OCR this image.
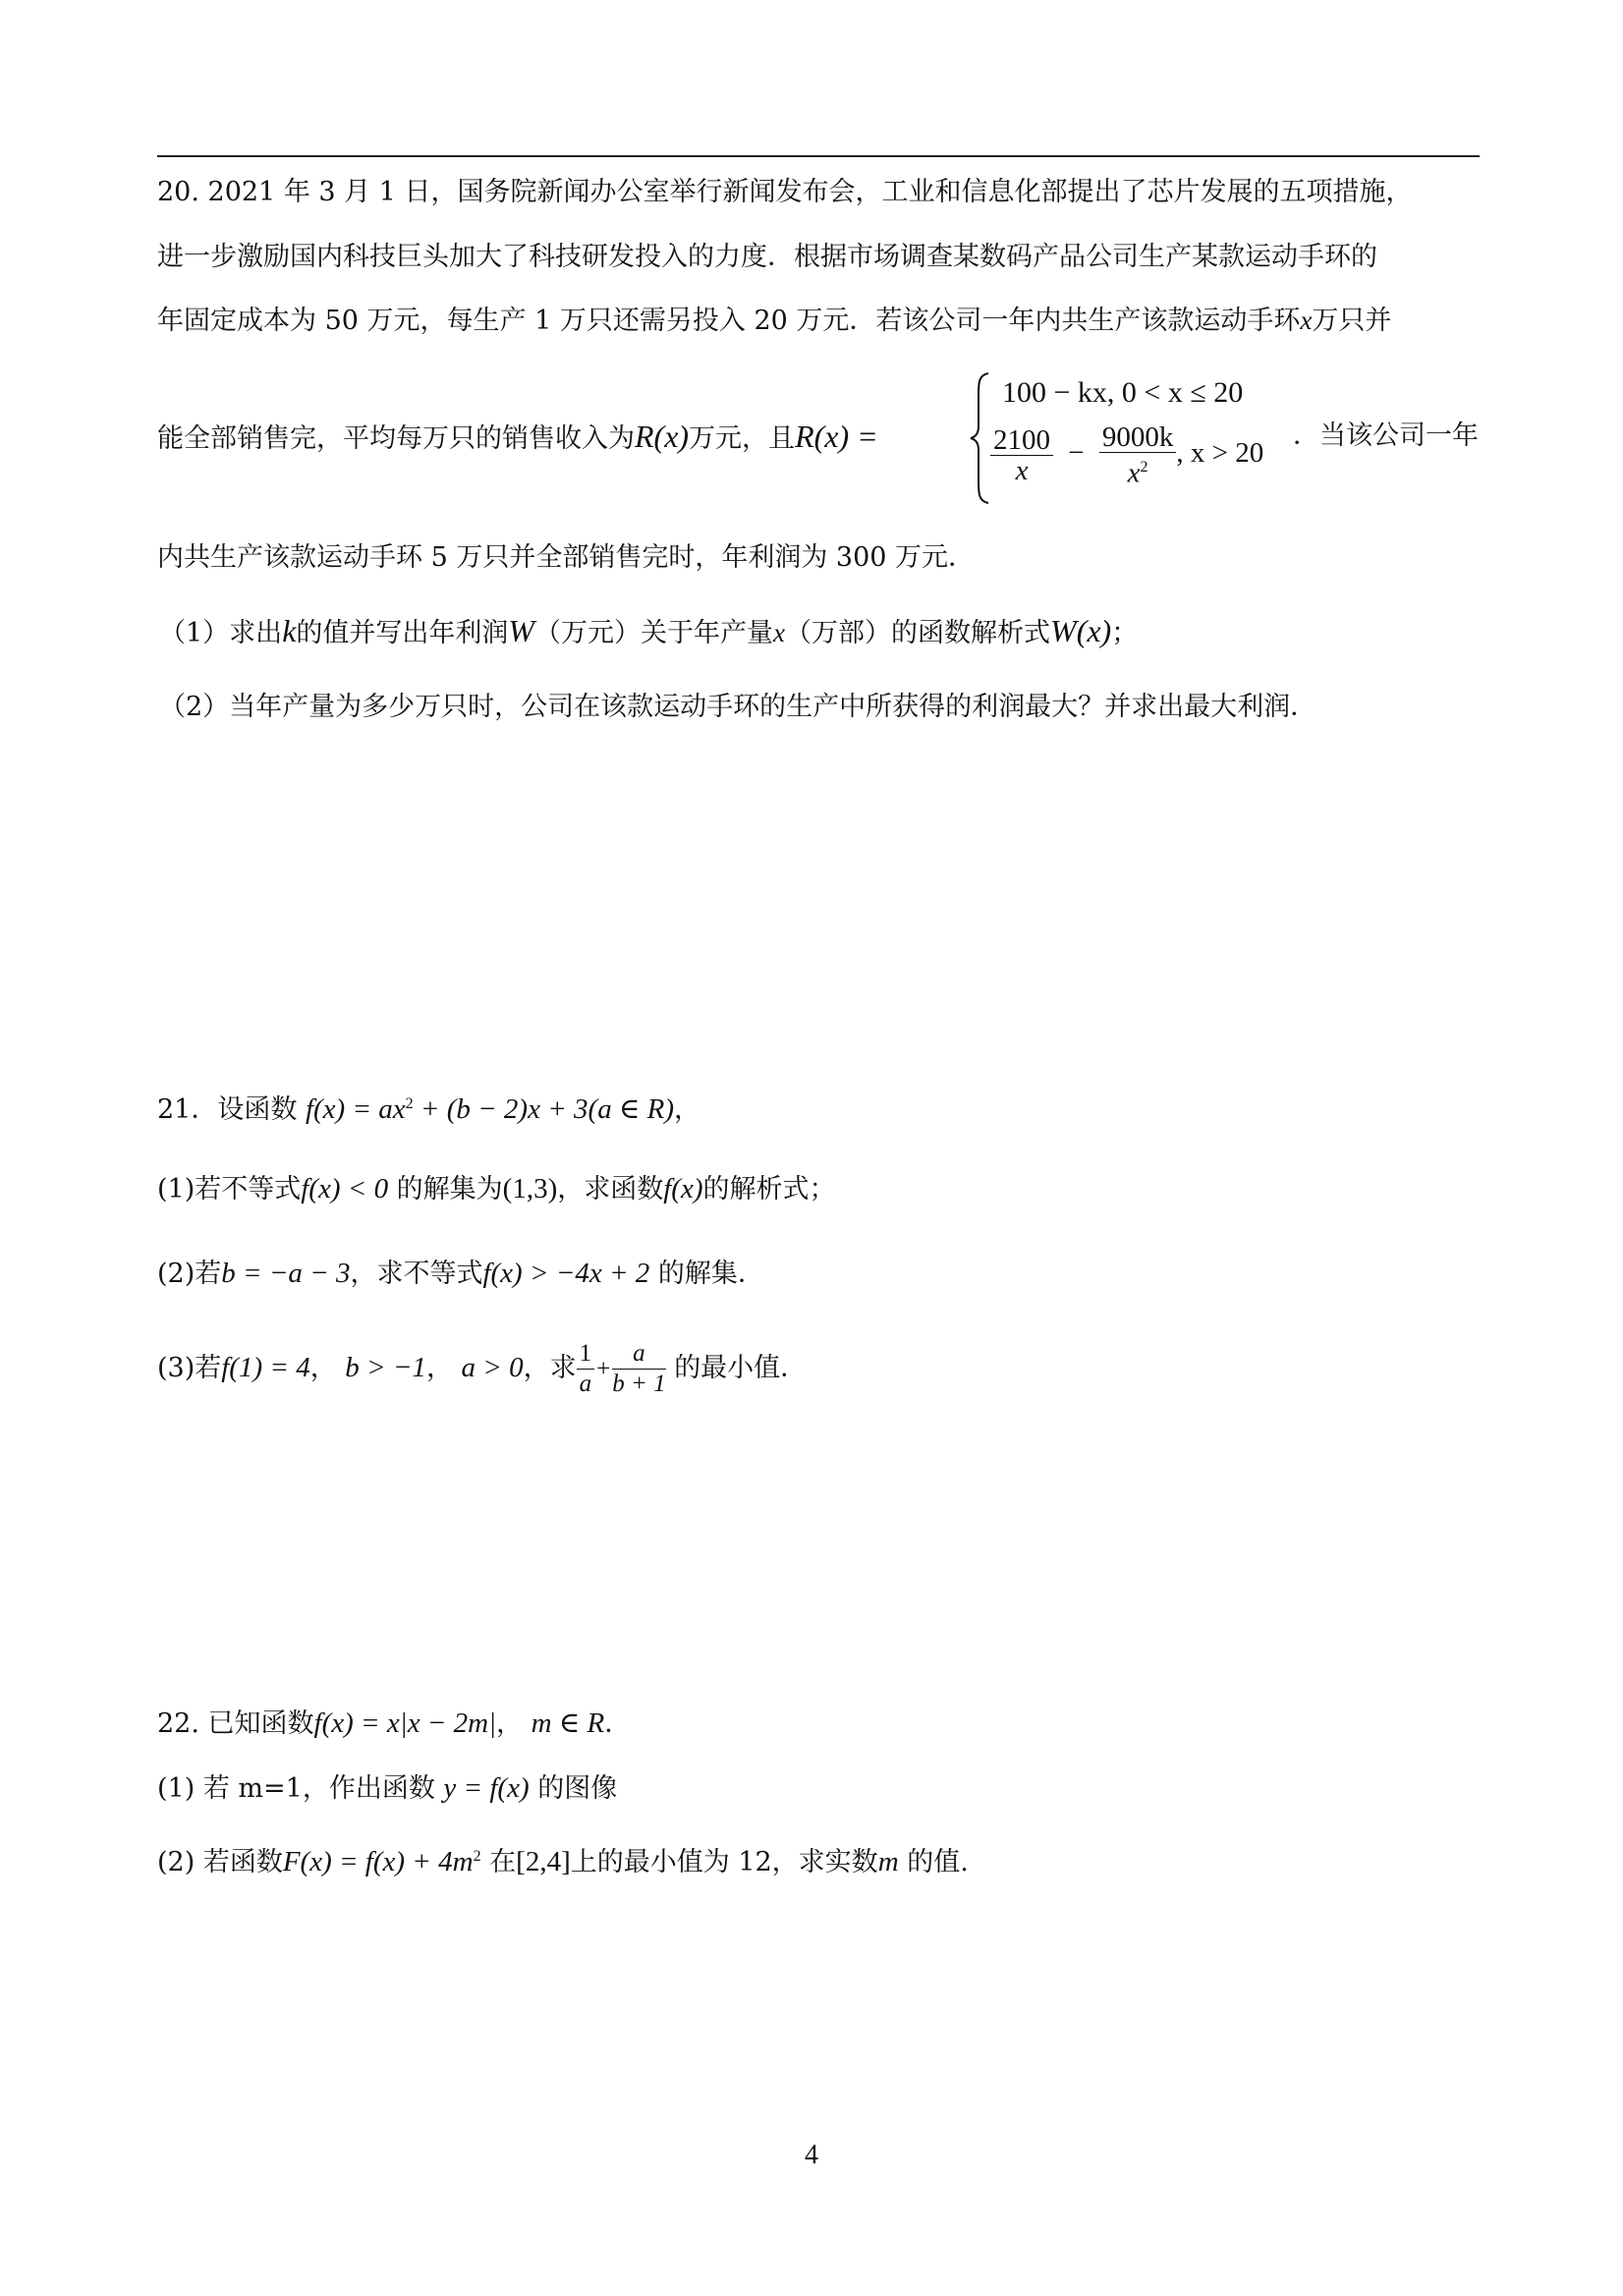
20. 2021 年 3 月 1 日，国务院新闻办公室举行新闻发布会，工业和信息化部提出了芯片发展的五项措施，
进一步激励国内科技巨头加大了科技研发投入的力度．根据市场调查某数码产品公司生产某款运动手环的
年固定成本为 50 万元，每生产 1 万只还需另投入 20 万元．若该公司一年内共生产该款运动手环x万只并
能全部销售完，平均每万只的销售收入为R(x)万元，且R(x) =
100 − kx, 0 < x ≤ 20
$\frac{2100}{x} - \frac{9000k}{x^2}$ , x > 20
．当该公司一年
内共生产该款运动手环 5 万只并全部销售完时，年利润为 300 万元．
（1）求出k的值并写出年利润W（万元）关于年产量x（万部）的函数解析式W(x)；
（2）当年产量为多少万只时，公司在该款运动手环的生产中所获得的利润最大？并求出最大利润．
21．设函数 $f(x) = ax^2 + (b - 2)x + 3(a$ ∈ R)，
(1)若不等式f(x) < 0 的解集为(1,3)，求函数f(x)的解析式；
(2)若b = −a − 3，求不等式f(x) > −4x + 2 的解集．
(3)若f(1) = 4， b > −1， a > 0，求 $\frac{1}{a} + \frac{a}{b + 1}$ 的最小值．
22. 已知函数f(x) = x|x − 2m|， m ∈ R．
(1) 若 m=1，作出函数 y = f(x) 的图像
(2) 若函数$F(x) = f(x) + 4m^2$ 在[2,4]上的最小值为 12，求实数m 的值.
4
